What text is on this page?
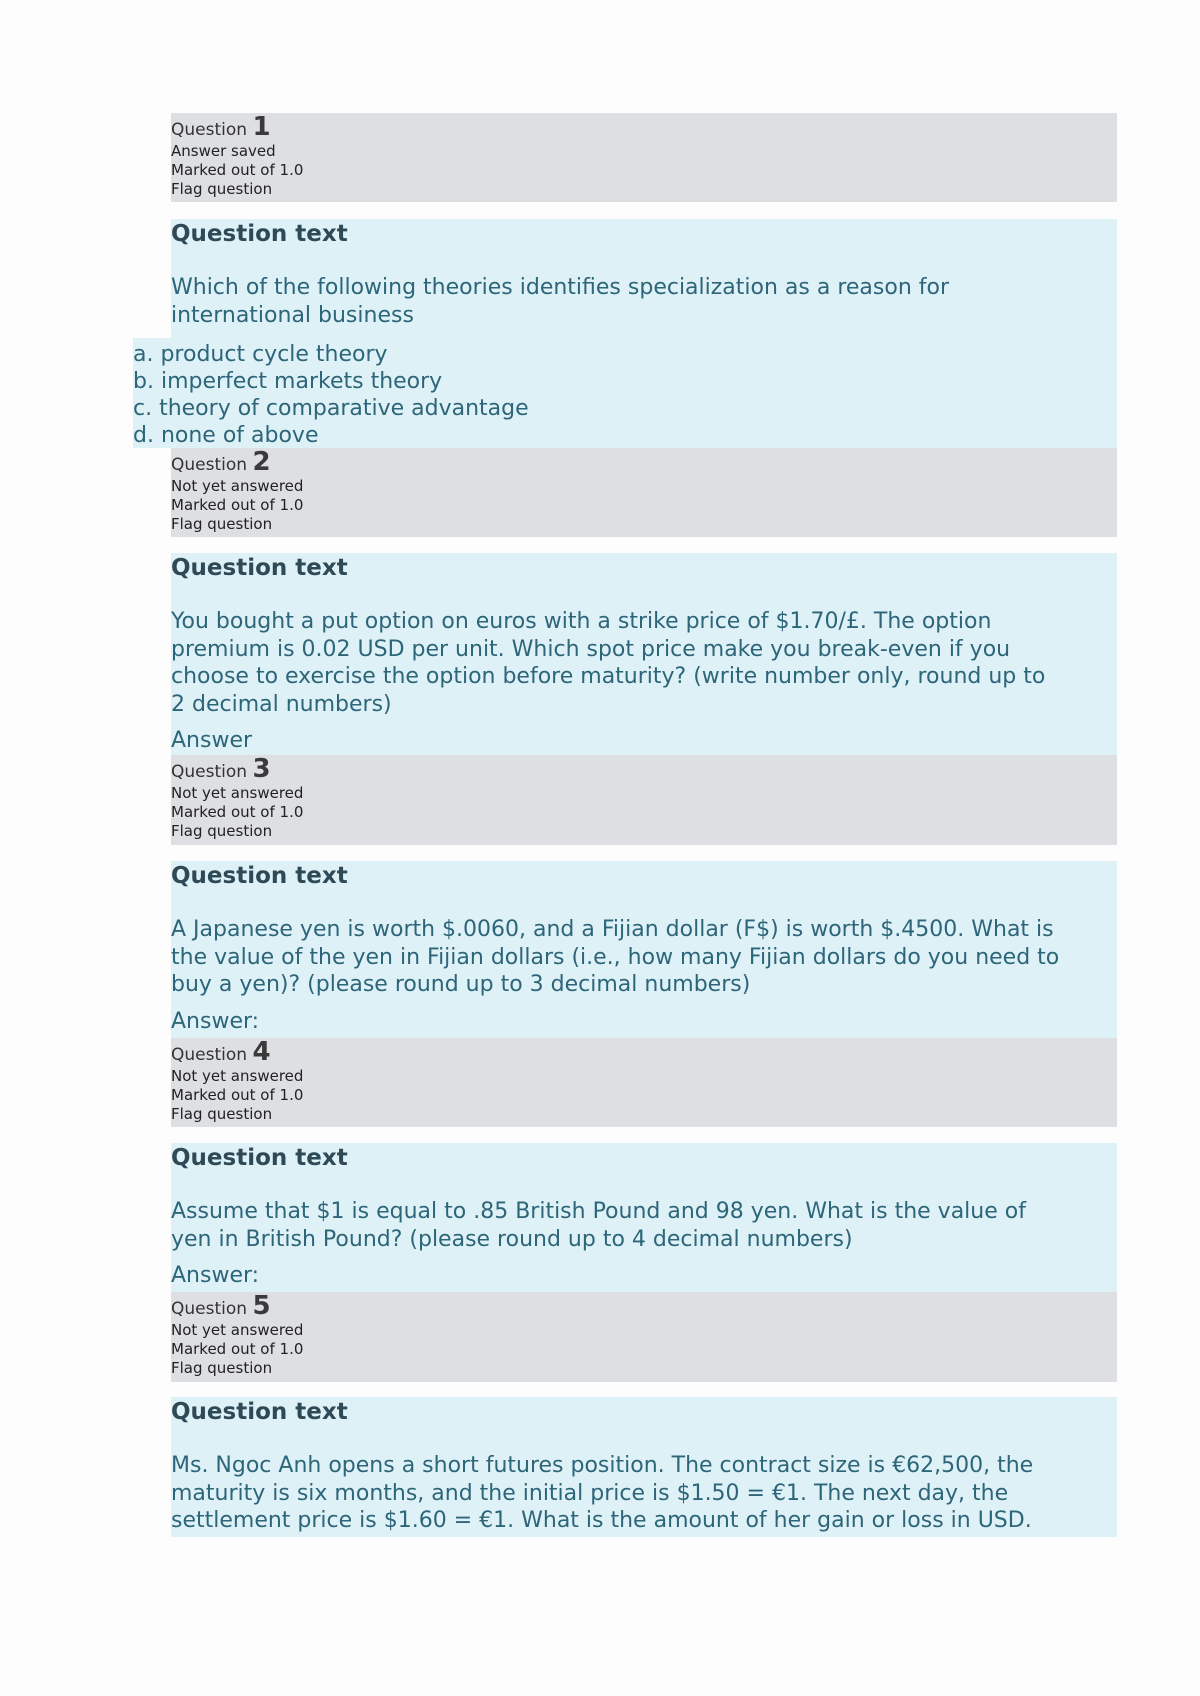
Question 1
Answer saved
Marked out of 1.0
Flag question
Question text
Which of the following theories identifies specialization as a reason for
international business
a. product cycle theory
b. imperfect markets theory
c. theory of comparative advantage
d. none of above
Question 2
Not yet answered
Marked out of 1.0
Flag question
Question text
You bought a put option on euros with a strike price of $1.70/£. The option
premium is 0.02 USD per unit. Which spot price make you break-even if you
choose to exercise the option before maturity? (write number only, round up to
2 decimal numbers)
Answer
Question 3
Not yet answered
Marked out of 1.0
Flag question
Question text
A Japanese yen is worth $.0060, and a Fijian dollar (F$) is worth $.4500. What is
the value of the yen in Fijian dollars (i.e., how many Fijian dollars do you need to
buy a yen)? (please round up to 3 decimal numbers)
Answer:
Question 4
Not yet answered
Marked out of 1.0
Flag question
Question text
Assume that $1 is equal to .85 British Pound and 98 yen. What is the value of
yen in British Pound? (please round up to 4 decimal numbers)
Answer:
Question 5
Not yet answered
Marked out of 1.0
Flag question
Question text
Ms. Ngoc Anh opens a short futures position. The contract size is €62,500, the
maturity is six months, and the initial price is $1.50 = €1. The next day, the
settlement price is $1.60 = €1. What is the amount of her gain or loss in USD.
